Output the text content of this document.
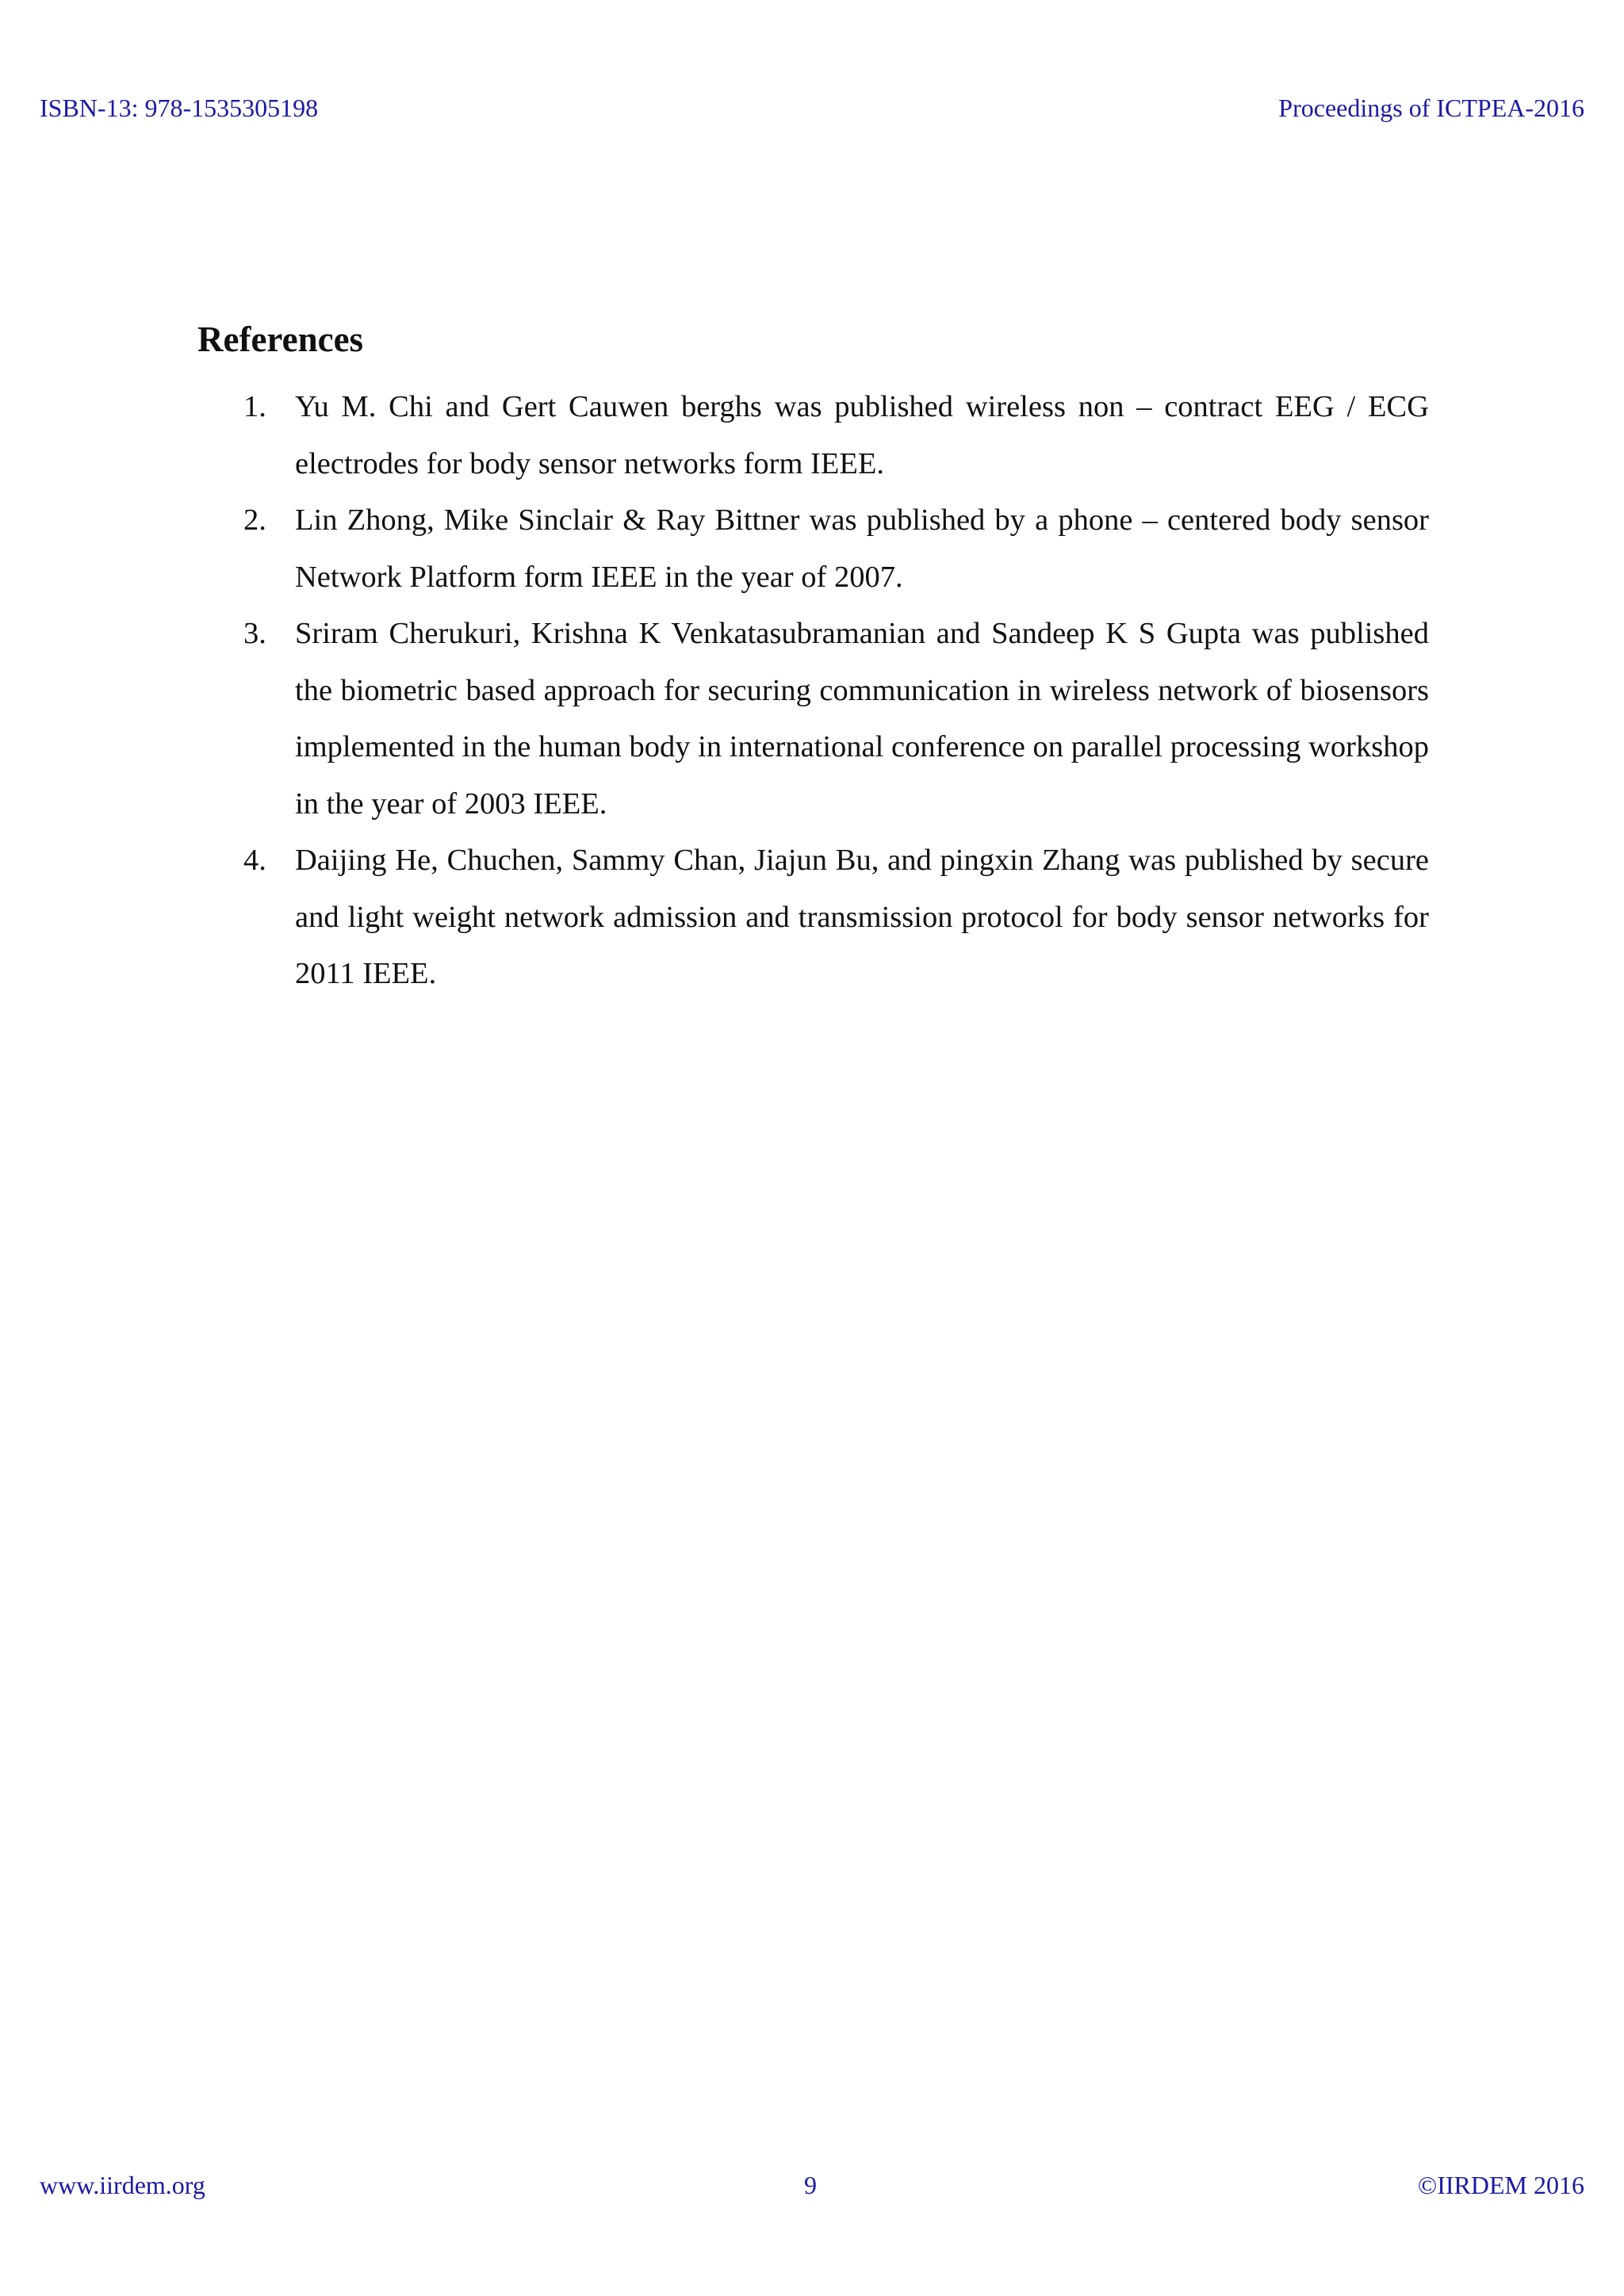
ISBN-13: 978-1535305198	Proceedings of ICTPEA-2016
References
1. Yu M. Chi and Gert Cauwen berghs was published wireless non – contract EEG / ECG electrodes for body sensor networks form IEEE.
2. Lin Zhong, Mike Sinclair & Ray Bittner was published by a phone – centered body sensor Network Platform form IEEE in the year of 2007.
3. Sriram Cherukuri, Krishna K Venkatasubramanian and Sandeep K S Gupta was published the biometric based approach for securing communication in wireless network of biosensors implemented in the human body in international conference on parallel processing workshop in the year of 2003 IEEE.
4. Daijing He, Chuchen, Sammy Chan, Jiajun Bu, and pingxin Zhang was published by secure and light weight network admission and transmission protocol for body sensor networks for 2011 IEEE.
www.iirdem.org	9	©IIRDEM 2016
